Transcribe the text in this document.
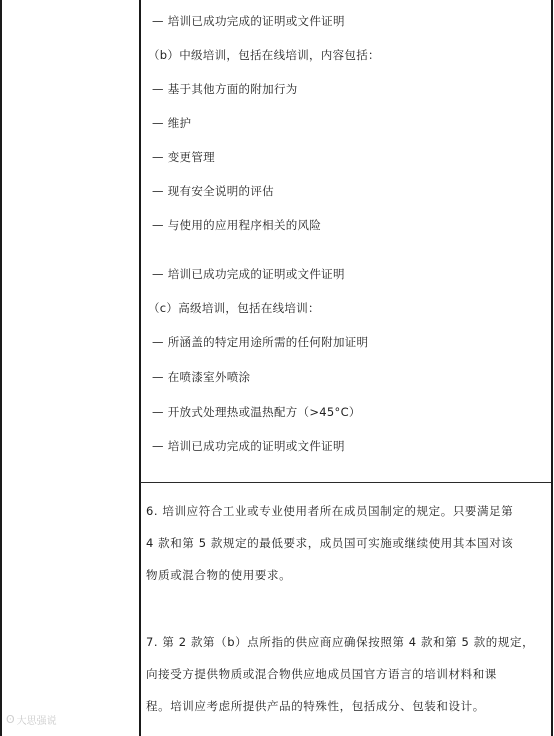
— 培训已成功完成的证明或文件证明
（b）中级培训，包括在线培训，内容包括：
— 基于其他方面的附加行为
— 维护
— 变更管理
— 现有安全说明的评估
— 与使用的应用程序相关的风险
— 培训已成功完成的证明或文件证明
（c）高级培训，包括在线培训：
— 所涵盖的特定用途所需的任何附加证明
— 在喷漆室外喷涂
— 开放式处理热或温热配方（>45°C）
— 培训已成功完成的证明或文件证明
6. 培训应符合工业或专业使用者所在成员国制定的规定。只要满足第
4 款和第 5 款规定的最低要求，成员国可实施或继续使用其本国对该
物质或混合物的使用要求。
7. 第 2 款第（b）点所指的供应商应确保按照第 4 款和第 5 款的规定，
向接受方提供物质或混合物供应地成员国官方语言的培训材料和课
程。培训应考虑所提供产品的特殊性，包括成分、包装和设计。
ʘ 大思强说
